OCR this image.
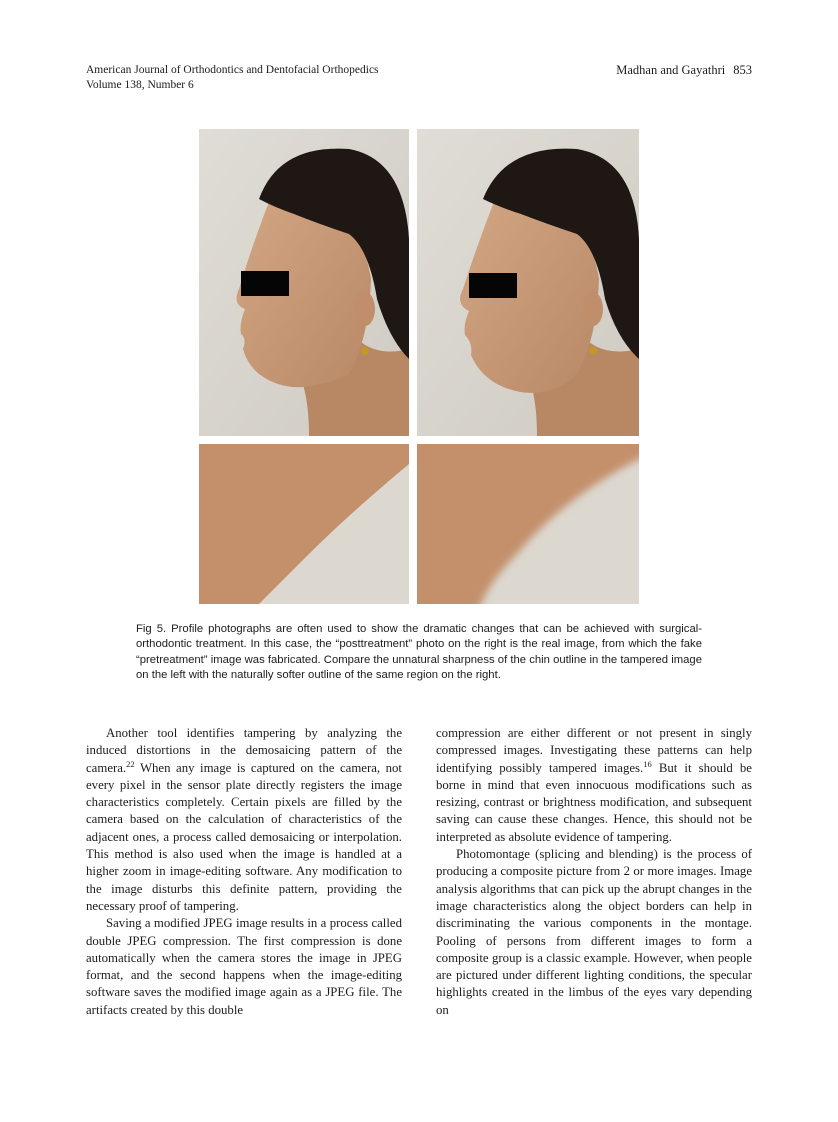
American Journal of Orthodontics and Dentofacial Orthopedics
Volume 138, Number 6
Madhan and Gayathri 853
Fig 5. Profile photographs are often used to show the dramatic changes that can be achieved with surgical-orthodontic treatment. In this case, the “posttreatment” photo on the right is the real image, from which the fake “pretreatment” image was fabricated. Compare the unnatural sharpness of the chin outline in the tampered image on the left with the naturally softer outline of the same region on the right.

Another tool identifies tampering by analyzing the induced distortions in the demosaicing pattern of the camera.$^{22}$ When any image is captured on the camera, not every pixel in the sensor plate directly registers the image characteristics completely. Certain pixels are filled by the camera based on the calculation of characteristics of the adjacent ones, a process called demosaicing or interpolation. This method is also used when the image is handled at a higher zoom in image-editing software. Any modification to the image disturbs this definite pattern, providing the necessary proof of tampering.

Saving a modified JPEG image results in a process called double JPEG compression. The first compression is done automatically when the camera stores the image in JPEG format, and the second happens when the image-editing software saves the modified image again as a JPEG file. The artifacts created by this double

compression are either different or not present in singly compressed images. Investigating these patterns can help identifying possibly tampered images.$^{16}$ But it should be borne in mind that even innocuous modifications such as resizing, contrast or brightness modification, and subsequent saving can cause these changes. Hence, this should not be interpreted as absolute evidence of tampering.

Photomontage (splicing and blending) is the process of producing a composite picture from 2 or more images. Image analysis algorithms that can pick up the abrupt changes in the image characteristics along the object borders can help in discriminating the various components in the montage. Pooling of persons from different images to form a composite group is a classic example. However, when people are pictured under different lighting conditions, the specular highlights created in the limbus of the eyes vary depending on
